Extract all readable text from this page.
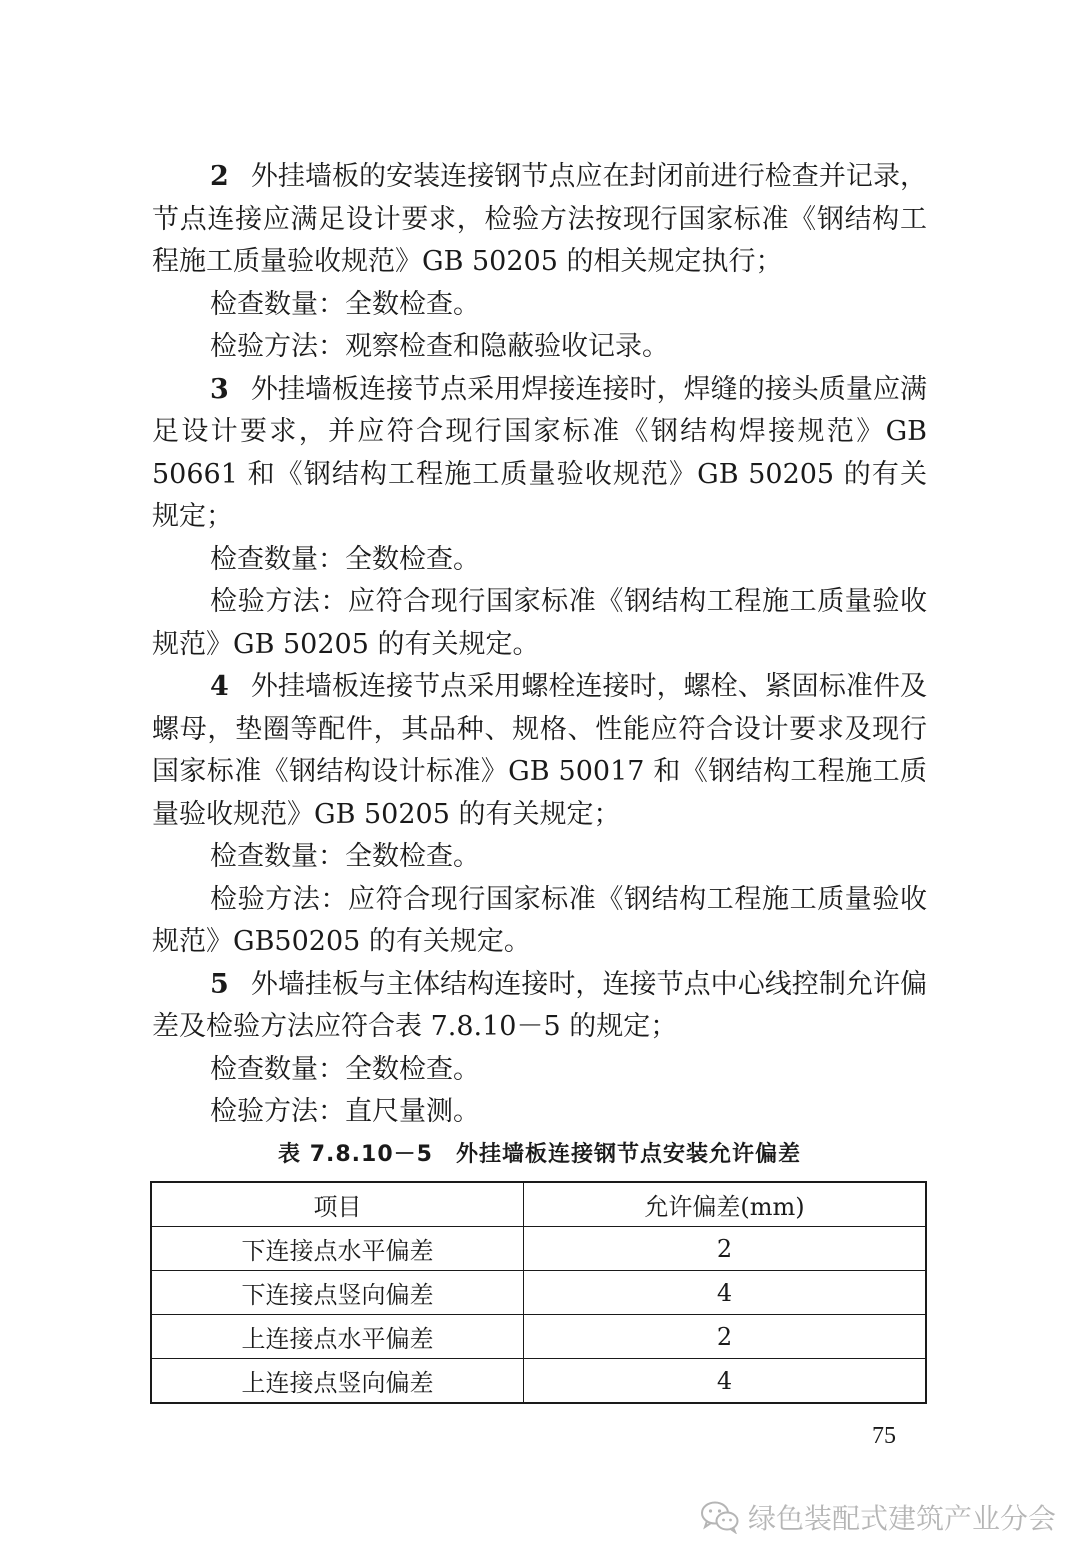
2 外挂墙板的安装连接钢节点应在封闭前进行检查并记录，节点连接应满足设计要求，检验方法按现行国家标准《钢结构工程施工质量验收规范》GB 50205 的相关规定执行；

检查数量：全数检查。

检验方法：观察检查和隐蔽验收记录。

3 外挂墙板连接节点采用焊接连接时，焊缝的接头质量应满足设计要求，并应符合现行国家标准《钢结构焊接规范》GB 50661 和《钢结构工程施工质量验收规范》GB 50205 的有关规定；

检查数量：全数检查。

检验方法：应符合现行国家标准《钢结构工程施工质量验收规范》GB 50205 的有关规定。

4 外挂墙板连接节点采用螺栓连接时，螺栓、紧固标准件及螺母，垫圈等配件，其品种、规格、性能应符合设计要求及现行国家标准《钢结构设计标准》GB 50017 和《钢结构工程施工质量验收规范》GB 50205 的有关规定；

检查数量：全数检查。

检验方法：应符合现行国家标准《钢结构工程施工质量验收规范》GB50205 的有关规定。

5 外墙挂板与主体结构连接时，连接节点中心线控制允许偏差及检验方法应符合表 7.8.10－5 的规定；

检查数量：全数检查。

检验方法：直尺量测。

表 7.8.10－5　外挂墙板连接钢节点安装允许偏差
项目	允许偏差(mm)
下连接点水平偏差	2
下连接点竖向偏差	4
上连接点水平偏差	2
上连接点竖向偏差	4
75
绿色装配式建筑产业分会
